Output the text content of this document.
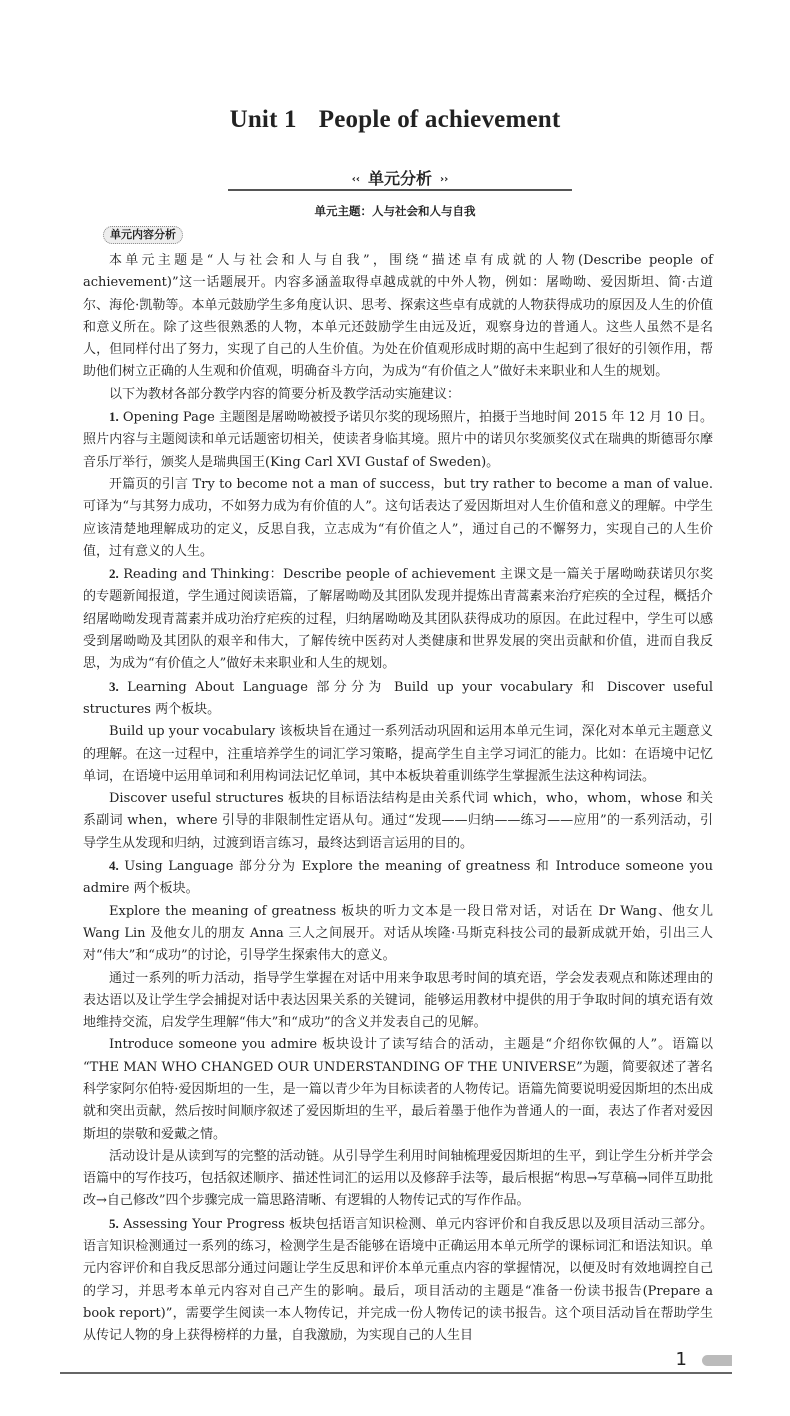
Unit 1 People of achievement
‹‹ 单元分析 ››
单元主题：人与社会和人与自我
单元内容分析

本单元主题是“人与社会和人与自我”，围绕“描述卓有成就的人物(Describe people of achievement)”这一话题展开。内容多涵盖取得卓越成就的中外人物，例如：屠呦呦、爱因斯坦、简·古道尔、海伦·凯勒等。本单元鼓励学生多角度认识、思考、探索这些卓有成就的人物获得成功的原因及人生的价值和意义所在。除了这些很熟悉的人物，本单元还鼓励学生由远及近，观察身边的普通人。这些人虽然不是名人，但同样付出了努力，实现了自己的人生价值。为处在价值观形成时期的高中生起到了很好的引领作用，帮助他们树立正确的人生观和价值观，明确奋斗方向，为成为“有价值之人”做好未来职业和人生的规划。

以下为教材各部分教学内容的简要分析及教学活动实施建议：

1. Opening Page 主题图是屠呦呦被授予诺贝尔奖的现场照片，拍摄于当地时间 2015 年 12 月 10 日。照片内容与主题阅读和单元话题密切相关，使读者身临其境。照片中的诺贝尔奖颁奖仪式在瑞典的斯德哥尔摩音乐厅举行，颁奖人是瑞典国王(King Carl XVI Gustaf of Sweden)。

开篇页的引言 Try to become not a man of success，but try rather to become a man of value. 可译为“与其努力成功，不如努力成为有价值的人”。这句话表达了爱因斯坦对人生价值和意义的理解。中学生应该清楚地理解成功的定义，反思自我，立志成为“有价值之人”，通过自己的不懈努力，实现自己的人生价值，过有意义的人生。

2. Reading and Thinking：Describe people of achievement 主课文是一篇关于屠呦呦获诺贝尔奖的专题新闻报道，学生通过阅读语篇，了解屠呦呦及其团队发现并提炼出青蒿素来治疗疟疾的全过程，概括介绍屠呦呦发现青蒿素并成功治疗疟疾的过程，归纳屠呦呦及其团队获得成功的原因。在此过程中，学生可以感受到屠呦呦及其团队的艰辛和伟大，了解传统中医药对人类健康和世界发展的突出贡献和价值，进而自我反思，为成为“有价值之人”做好未来职业和人生的规划。

3. Learning About Language 部分分为 Build up your vocabulary 和 Discover useful structures 两个板块。

Build up your vocabulary 该板块旨在通过一系列活动巩固和运用本单元生词，深化对本单元主题意义的理解。在这一过程中，注重培养学生的词汇学习策略，提高学生自主学习词汇的能力。比如：在语境中记忆单词，在语境中运用单词和利用构词法记忆单词，其中本板块着重训练学生掌握派生法这种构词法。

Discover useful structures 板块的目标语法结构是由关系代词 which，who，whom，whose 和关系副词 when，where 引导的非限制性定语从句。通过“发现——归纳——练习——应用”的一系列活动，引导学生从发现和归纳，过渡到语言练习，最终达到语言运用的目的。

4. Using Language 部分分为 Explore the meaning of greatness 和 Introduce someone you admire 两个板块。

Explore the meaning of greatness 板块的听力文本是一段日常对话，对话在 Dr Wang、他女儿 Wang Lin 及他女儿的朋友 Anna 三人之间展开。对话从埃隆·马斯克科技公司的最新成就开始，引出三人对“伟大”和“成功”的讨论，引导学生探索伟大的意义。

通过一系列的听力活动，指导学生掌握在对话中用来争取思考时间的填充语，学会发表观点和陈述理由的表达语以及让学生学会捕捉对话中表达因果关系的关键词，能够运用教材中提供的用于争取时间的填充语有效地维持交流，启发学生理解“伟大”和“成功”的含义并发表自己的见解。

Introduce someone you admire 板块设计了读写结合的活动，主题是“介绍你钦佩的人”。语篇以 “THE MAN WHO CHANGED OUR UNDERSTANDING OF THE UNIVERSE”为题，简要叙述了著名科学家阿尔伯特·爱因斯坦的一生，是一篇以青少年为目标读者的人物传记。语篇先简要说明爱因斯坦的杰出成就和突出贡献，然后按时间顺序叙述了爱因斯坦的生平，最后着墨于他作为普通人的一面，表达了作者对爱因斯坦的崇敬和爱戴之情。

活动设计是从读到写的完整的活动链。从引导学生利用时间轴梳理爱因斯坦的生平，到让学生分析并学会语篇中的写作技巧，包括叙述顺序、描述性词汇的运用以及修辞手法等，最后根据“构思→写草稿→同伴互助批改→自己修改”四个步骤完成一篇思路清晰、有逻辑的人物传记式的写作作品。

5. Assessing Your Progress 板块包括语言知识检测、单元内容评价和自我反思以及项目活动三部分。语言知识检测通过一系列的练习，检测学生是否能够在语境中正确运用本单元所学的课标词汇和语法知识。单元内容评价和自我反思部分通过问题让学生反思和评价本单元重点内容的掌握情况，以便及时有效地调控自己的学习，并思考本单元内容对自己产生的影响。最后，项目活动的主题是“准备一份读书报告(Prepare a book report)”，需要学生阅读一本人物传记，并完成一份人物传记的读书报告。这个项目活动旨在帮助学生从传记人物的身上获得榜样的力量，自我激励，为实现自己的人生目

1
